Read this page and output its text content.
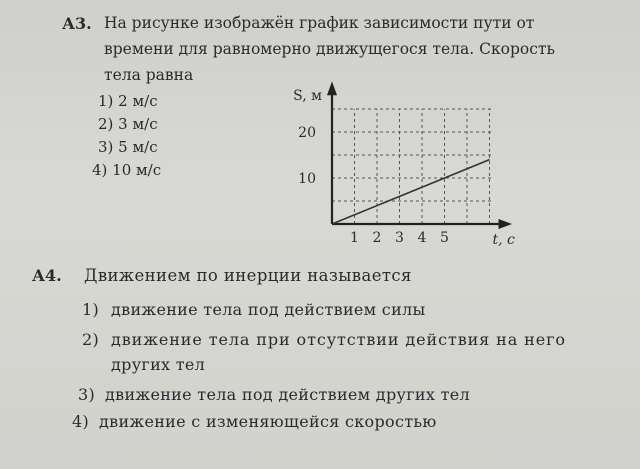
А3. На рисунке изображён график зависимости пути от
времени для равномерно движущегося тела. Скорость
тела равна
1) 2 м/с
2) 3 м/с
3) 5 м/с
4) 10 м/с
1 2 3 4 5
10
20
S, м
t, с
А4. Движением по инерции называется
1) движение тела под действием силы
2) движение тела при отсутствии действия на него
других тел
3) движение тела под действием других тел
4) движение с изменяющейся скоростью
